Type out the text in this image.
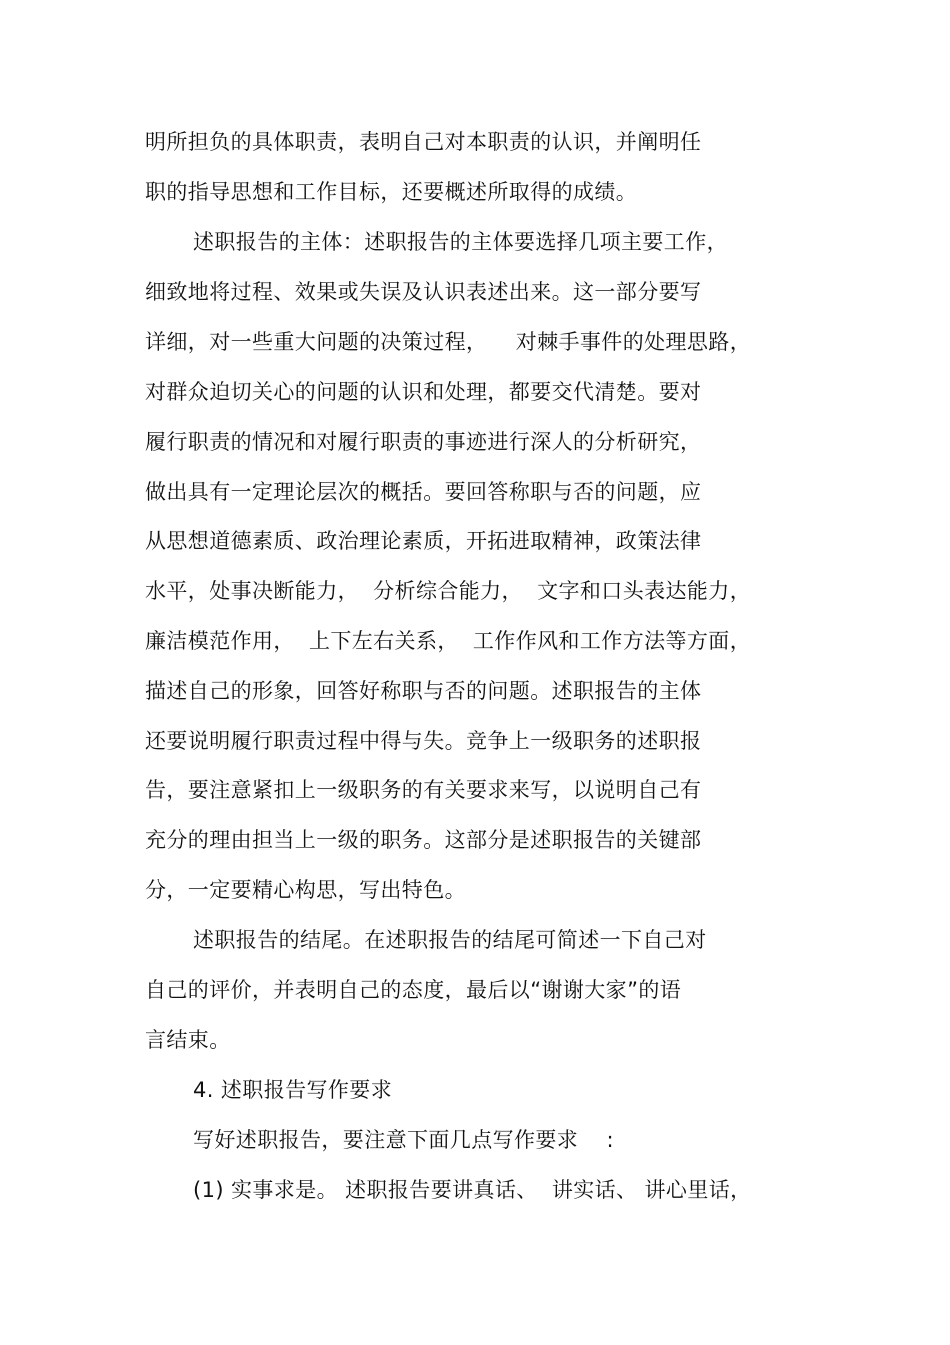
明所担负的具体职责，表明自己对本职责的认识，并阐明任
职的指导思想和工作目标，还要概述所取得的成绩。
述职报告的主体：述职报告的主体要选择几项主要工作，
细致地将过程、效果或失误及认识表述出来。这一部分要写
详细，对一些重大问题的决策过程，    对棘手事件的处理思路，
对群众迫切关心的问题的认识和处理，都要交代清楚。要对
履行职责的情况和对履行职责的事迹进行深人的分析研究，
做出具有一定理论层次的概括。要回答称职与否的问题，应
从思想道德素质、政治理论素质，开拓进取精神，政策法律
水平，处事决断能力，  分析综合能力，  文字和口头表达能力，
廉洁模范作用，  上下左右关系，  工作作风和工作方法等方面，
描述自己的形象，回答好称职与否的问题。述职报告的主体
还要说明履行职责过程中得与失。竞争上一级职务的述职报
告，要注意紧扣上一级职务的有关要求来写，以说明自己有
充分的理由担当上一级的职务。这部分是述职报告的关键部
分，一定要精心构思，写出特色。
述职报告的结尾。在述职报告的结尾可简述一下自己对
自己的评价，并表明自己的态度，最后以“谢谢大家”的语
言结束。
4. 述职报告写作要求
写好述职报告，要注意下面几点写作要求    :
(1) 实事求是。 述职报告要讲真话、  讲实话、 讲心里话，
